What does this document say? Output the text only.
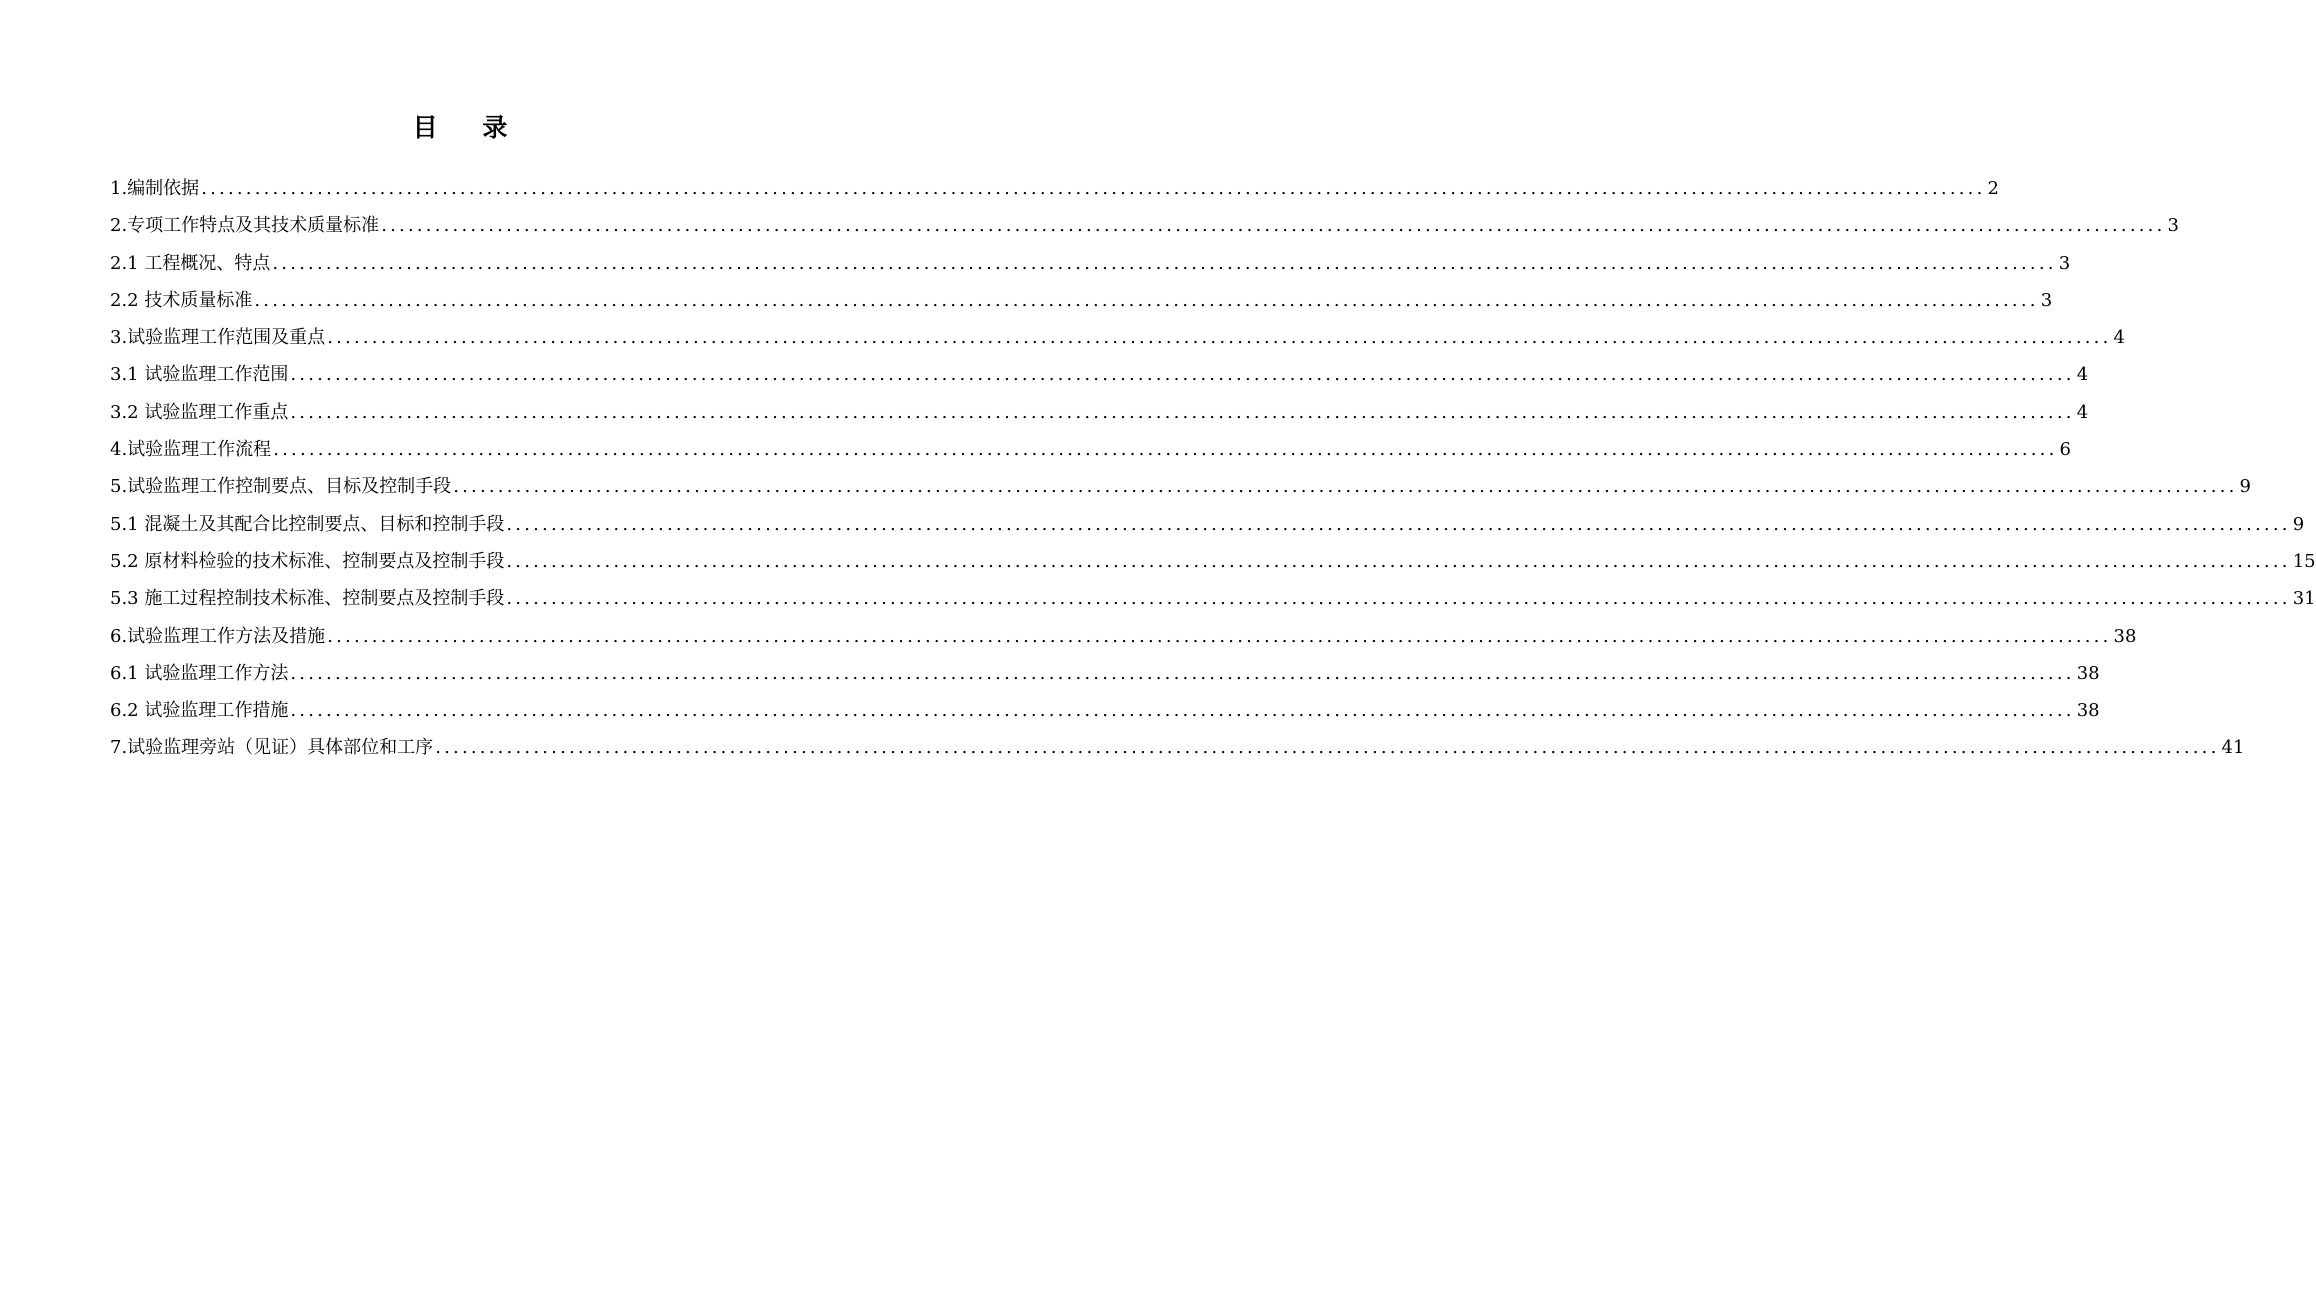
目 录
1.编制依据 ........................................................................................................................................................................................................ 2
2.专项工作特点及其技术质量标准 ........................................................................................................................................................................................................ 3
2.1 工程概况、特点 ........................................................................................................................................................................................................ 3
2.2 技术质量标准 ........................................................................................................................................................................................................ 3
3.试验监理工作范围及重点 ........................................................................................................................................................................................................ 4
3.1 试验监理工作范围 ........................................................................................................................................................................................................ 4
3.2 试验监理工作重点 ........................................................................................................................................................................................................ 4
4.试验监理工作流程 ........................................................................................................................................................................................................ 6
5.试验监理工作控制要点、目标及控制手段 ........................................................................................................................................................................................................ 9
5.1 混凝土及其配合比控制要点、目标和控制手段 ........................................................................................................................................................................................................ 9
5.2 原材料检验的技术标准、控制要点及控制手段 ........................................................................................................................................................................................................ 15
5.3 施工过程控制技术标准、控制要点及控制手段 ........................................................................................................................................................................................................ 31
6.试验监理工作方法及措施 ........................................................................................................................................................................................................ 38
6.1 试验监理工作方法 ........................................................................................................................................................................................................ 38
6.2 试验监理工作措施 ........................................................................................................................................................................................................ 38
7.试验监理旁站（见证）具体部位和工序 ........................................................................................................................................................................................................ 41
